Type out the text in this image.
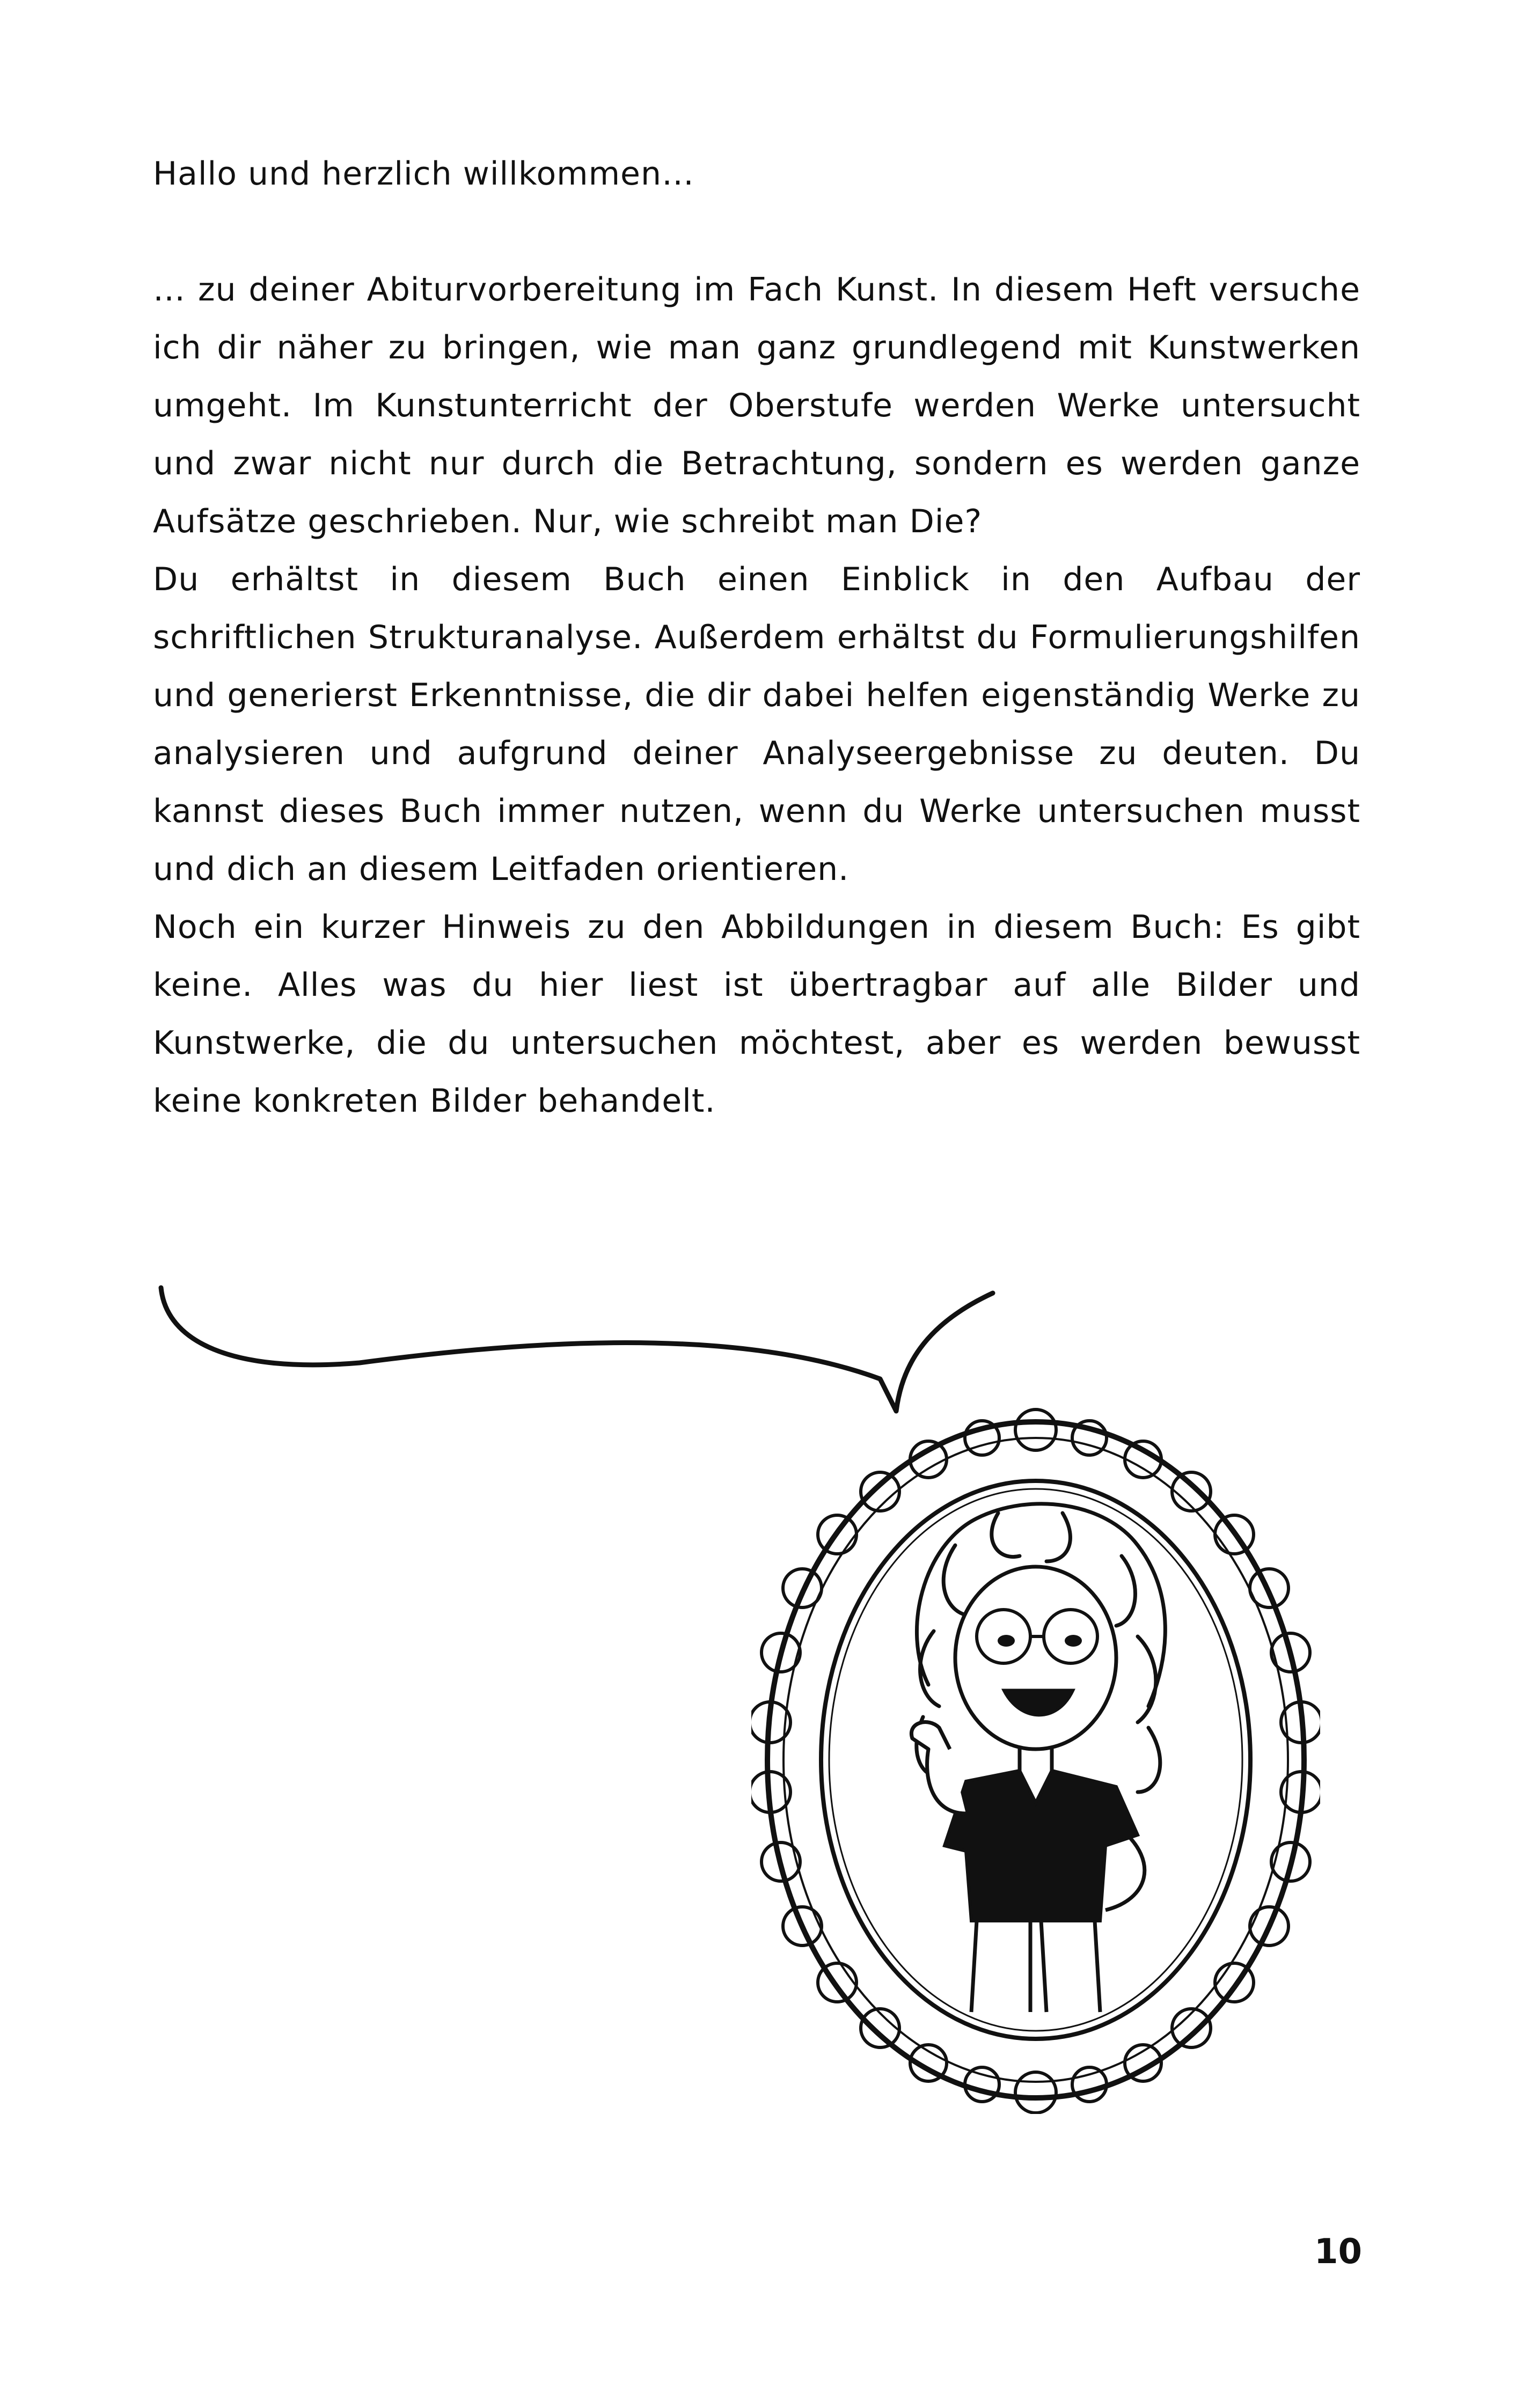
Hallo und herzlich willkommen…

… zu deiner Abiturvorbereitung im Fach Kunst. In diesem Heft versuche ich dir näher zu bringen, wie man ganz grundlegend mit Kunstwerken umgeht. Im Kunstunterricht der Oberstufe werden Werke untersucht und zwar nicht nur durch die Betrachtung, sondern es werden ganze Aufsätze geschrieben. Nur, wie schreibt man Die?

Du erhältst in diesem Buch einen Einblick in den Aufbau der schriftlichen Strukturanalyse. Außerdem erhältst du Formulierungshilfen und generierst Erkenntnisse, die dir dabei helfen eigenständig Werke zu analysieren und aufgrund deiner Analyseergebnisse zu deuten. Du kannst dieses Buch immer nutzen, wenn du Werke untersuchen musst und dich an diesem Leitfaden orientieren.

Noch ein kurzer Hinweis zu den Abbildungen in diesem Buch: Es gibt keine. Alles was du hier liest ist übertragbar auf alle Bilder und Kunstwerke, die du untersuchen möchtest, aber es werden bewusst keine konkreten Bilder behandelt.

10
